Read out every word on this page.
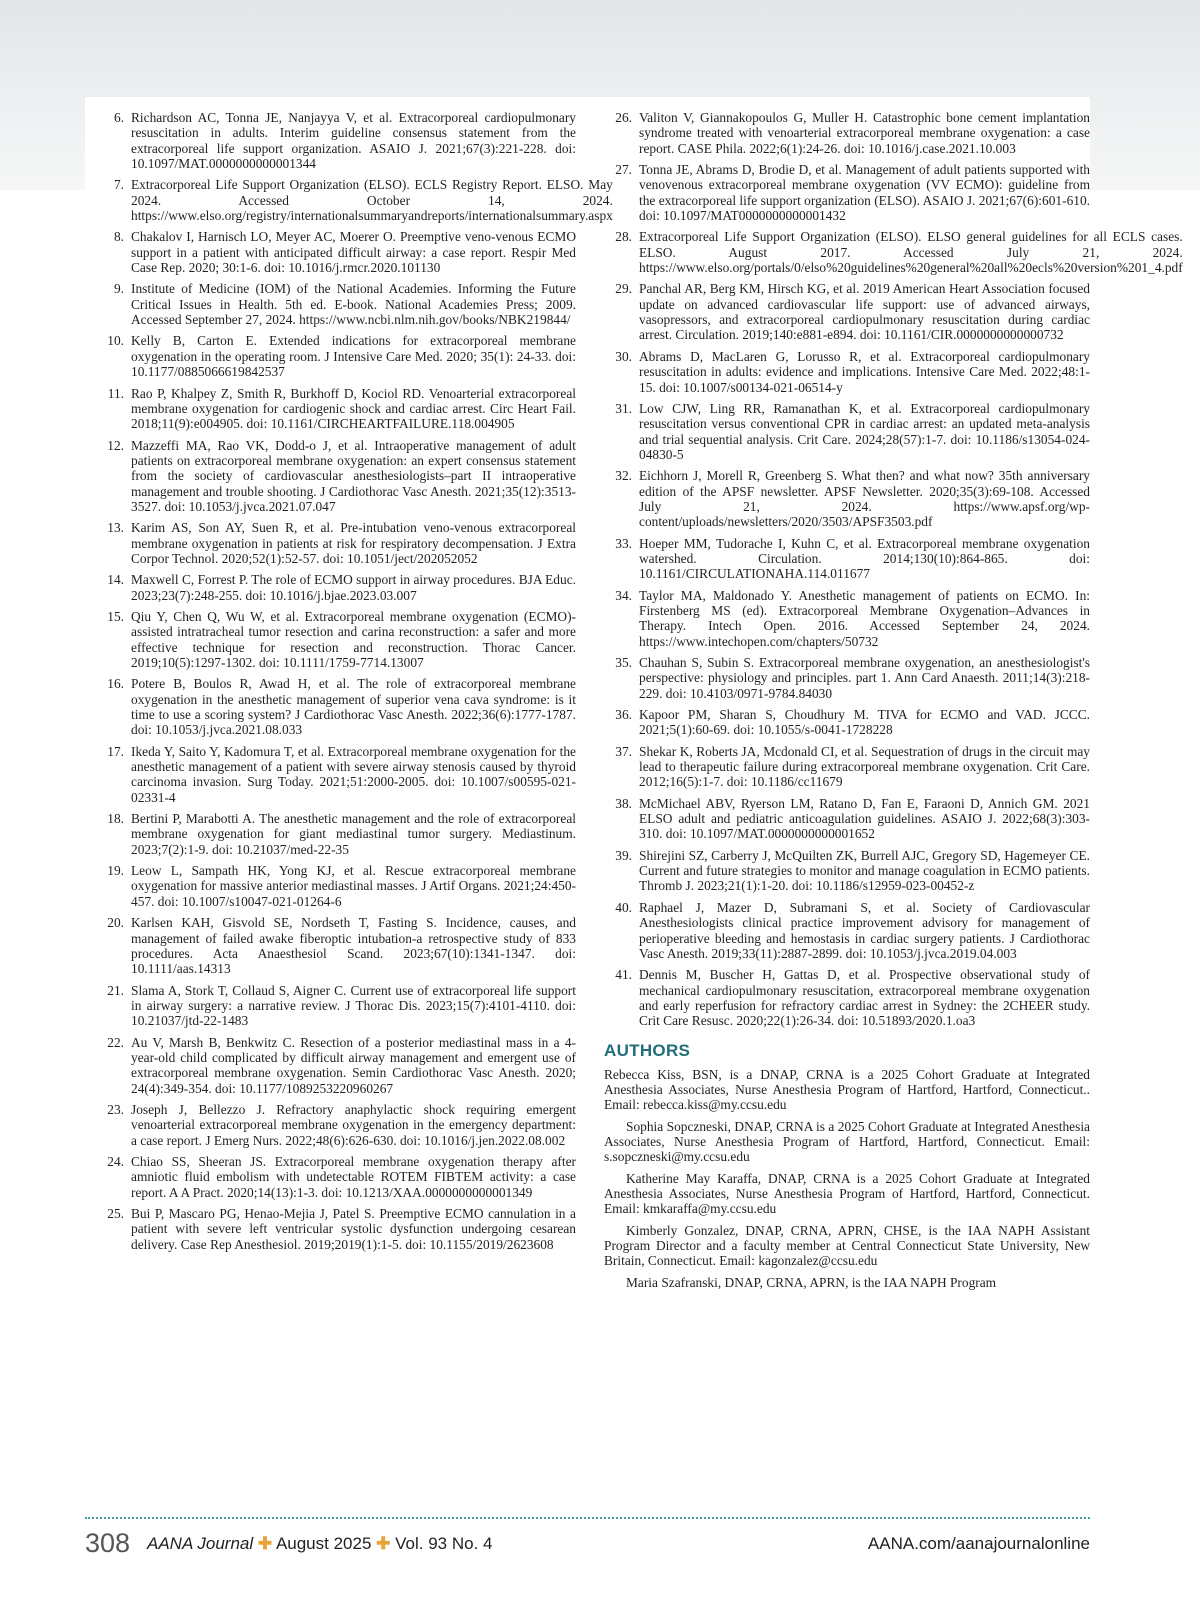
6. Richardson AC, Tonna JE, Nanjayya V, et al. Extracorporeal cardiopulmonary resuscitation in adults. Interim guideline consensus statement from the extracorporeal life support organization. ASAIO J. 2021;67(3):221-228. doi: 10.1097/MAT.0000000000001344
7. Extracorporeal Life Support Organization (ELSO). ECLS Registry Report. ELSO. May 2024. Accessed October 14, 2024. https://www.elso.org/registry/internationalsummaryandreports/internationalsummary.aspx
8. Chakalov I, Harnisch LO, Meyer AC, Moerer O. Preemptive veno-venous ECMO support in a patient with anticipated difficult airway: a case report. Respir Med Case Rep. 2020; 30:1-6. doi: 10.1016/j.rmcr.2020.101130
9. Institute of Medicine (IOM) of the National Academies. Informing the Future Critical Issues in Health. 5th ed. E-book. National Academies Press; 2009. Accessed September 27, 2024. https://www.ncbi.nlm.nih.gov/books/NBK219844/
10. Kelly B, Carton E. Extended indications for extracorporeal membrane oxygenation in the operating room. J Intensive Care Med. 2020; 35(1): 24-33. doi: 10.1177/0885066619842537
11. Rao P, Khalpey Z, Smith R, Burkhoff D, Kociol RD. Venoarterial extracorporeal membrane oxygenation for cardiogenic shock and cardiac arrest. Circ Heart Fail. 2018;11(9):e004905. doi: 10.1161/CIRCHEARTFAILURE.118.004905
12. Mazzeffi MA, Rao VK, Dodd-o J, et al. Intraoperative management of adult patients on extracorporeal membrane oxygenation: an expert consensus statement from the society of cardiovascular anesthesiologists–part II intraoperative management and trouble shooting. J Cardiothorac Vasc Anesth. 2021;35(12):3513-3527. doi: 10.1053/j.jvca.2021.07.047
13. Karim AS, Son AY, Suen R, et al. Pre-intubation veno-venous extracorporeal membrane oxygenation in patients at risk for respiratory decompensation. J Extra Corpor Technol. 2020;52(1):52-57. doi: 10.1051/ject/202052052
14. Maxwell C, Forrest P. The role of ECMO support in airway procedures. BJA Educ. 2023;23(7):248-255. doi: 10.1016/j.bjae.2023.03.007
15. Qiu Y, Chen Q, Wu W, et al. Extracorporeal membrane oxygenation (ECMO)-assisted intratracheal tumor resection and carina reconstruction: a safer and more effective technique for resection and reconstruction. Thorac Cancer. 2019;10(5):1297-1302. doi: 10.1111/1759-7714.13007
16. Potere B, Boulos R, Awad H, et al. The role of extracorporeal membrane oxygenation in the anesthetic management of superior vena cava syndrome: is it time to use a scoring system? J Cardiothorac Vasc Anesth. 2022;36(6):1777-1787. doi: 10.1053/j.jvca.2021.08.033
17. Ikeda Y, Saito Y, Kadomura T, et al. Extracorporeal membrane oxygenation for the anesthetic management of a patient with severe airway stenosis caused by thyroid carcinoma invasion. Surg Today. 2021;51:2000-2005. doi: 10.1007/s00595-021-02331-4
18. Bertini P, Marabotti A. The anesthetic management and the role of extracorporeal membrane oxygenation for giant mediastinal tumor surgery. Mediastinum. 2023;7(2):1-9. doi: 10.21037/med-22-35
19. Leow L, Sampath HK, Yong KJ, et al. Rescue extracorporeal membrane oxygenation for massive anterior mediastinal masses. J Artif Organs. 2021;24:450-457. doi: 10.1007/s10047-021-01264-6
20. Karlsen KAH, Gisvold SE, Nordseth T, Fasting S. Incidence, causes, and management of failed awake fiberoptic intubation-a retrospective study of 833 procedures. Acta Anaesthesiol Scand. 2023;67(10):1341-1347. doi: 10.1111/aas.14313
21. Slama A, Stork T, Collaud S, Aigner C. Current use of extracorporeal life support in airway surgery: a narrative review. J Thorac Dis. 2023;15(7):4101-4110. doi: 10.21037/jtd-22-1483
22. Au V, Marsh B, Benkwitz C. Resection of a posterior mediastinal mass in a 4-year-old child complicated by difficult airway management and emergent use of extracorporeal membrane oxygenation. Semin Cardiothorac Vasc Anesth. 2020; 24(4):349-354. doi: 10.1177/1089253220960267
23. Joseph J, Bellezzo J. Refractory anaphylactic shock requiring emergent venoarterial extracorporeal membrane oxygenation in the emergency department: a case report. J Emerg Nurs. 2022;48(6):626-630. doi: 10.1016/j.jen.2022.08.002
24. Chiao SS, Sheeran JS. Extracorporeal membrane oxygenation therapy after amniotic fluid embolism with undetectable ROTEM FIBTEM activity: a case report. A A Pract. 2020;14(13):1-3. doi: 10.1213/XAA.0000000000001349
25. Bui P, Mascaro PG, Henao-Mejia J, Patel S. Preemptive ECMO cannulation in a patient with severe left ventricular systolic dysfunction undergoing cesarean delivery. Case Rep Anesthesiol. 2019;2019(1):1-5. doi: 10.1155/2019/2623608
26. Valiton V, Giannakopoulos G, Muller H. Catastrophic bone cement implantation syndrome treated with venoarterial extracorporeal membrane oxygenation: a case report. CASE Phila. 2022;6(1):24-26. doi: 10.1016/j.case.2021.10.003
27. Tonna JE, Abrams D, Brodie D, et al. Management of adult patients supported with venovenous extracorporeal membrane oxygenation (VV ECMO): guideline from the extracorporeal life support organization (ELSO). ASAIO J. 2021;67(6):601-610. doi: 10.1097/MAT0000000000001432
28. Extracorporeal Life Support Organization (ELSO). ELSO general guidelines for all ECLS cases. ELSO. August 2017. Accessed July 21, 2024. https://www.elso.org/portals/0/elso%20guidelines%20general%20all%20ecls%20version%201_4.pdf
29. Panchal AR, Berg KM, Hirsch KG, et al. 2019 American Heart Association focused update on advanced cardiovascular life support: use of advanced airways, vasopressors, and extracorporeal cardiopulmonary resuscitation during cardiac arrest. Circulation. 2019;140:e881-e894. doi: 10.1161/CIR.0000000000000732
30. Abrams D, MacLaren G, Lorusso R, et al. Extracorporeal cardiopulmonary resuscitation in adults: evidence and implications. Intensive Care Med. 2022;48:1-15. doi: 10.1007/s00134-021-06514-y
31. Low CJW, Ling RR, Ramanathan K, et al. Extracorporeal cardiopulmonary resuscitation versus conventional CPR in cardiac arrest: an updated meta-analysis and trial sequential analysis. Crit Care. 2024;28(57):1-7. doi: 10.1186/s13054-024-04830-5
32. Eichhorn J, Morell R, Greenberg S. What then? and what now? 35th anniversary edition of the APSF newsletter. APSF Newsletter. 2020;35(3):69-108. Accessed July 21, 2024. https://www.apsf.org/wp-content/uploads/newsletters/2020/3503/APSF3503.pdf
33. Hoeper MM, Tudorache I, Kuhn C, et al. Extracorporeal membrane oxygenation watershed. Circulation. 2014;130(10):864-865. doi: 10.1161/CIRCULATIONAHA.114.011677
34. Taylor MA, Maldonado Y. Anesthetic management of patients on ECMO. In: Firstenberg MS (ed). Extracorporeal Membrane Oxygenation–Advances in Therapy. Intech Open. 2016. Accessed September 24, 2024. https://www.intechopen.com/chapters/50732
35. Chauhan S, Subin S. Extracorporeal membrane oxygenation, an anesthesiologist's perspective: physiology and principles. part 1. Ann Card Anaesth. 2011;14(3):218-229. doi: 10.4103/0971-9784.84030
36. Kapoor PM, Sharan S, Choudhury M. TIVA for ECMO and VAD. JCCC. 2021;5(1):60-69. doi: 10.1055/s-0041-1728228
37. Shekar K, Roberts JA, Mcdonald CI, et al. Sequestration of drugs in the circuit may lead to therapeutic failure during extracorporeal membrane oxygenation. Crit Care. 2012;16(5):1-7. doi: 10.1186/cc11679
38. McMichael ABV, Ryerson LM, Ratano D, Fan E, Faraoni D, Annich GM. 2021 ELSO adult and pediatric anticoagulation guidelines. ASAIO J. 2022;68(3):303-310. doi: 10.1097/MAT.0000000000001652
39. Shirejini SZ, Carberry J, McQuilten ZK, Burrell AJC, Gregory SD, Hagemeyer CE. Current and future strategies to monitor and manage coagulation in ECMO patients. Thromb J. 2023;21(1):1-20. doi: 10.1186/s12959-023-00452-z
40. Raphael J, Mazer D, Subramani S, et al. Society of Cardiovascular Anesthesiologists clinical practice improvement advisory for management of perioperative bleeding and hemostasis in cardiac surgery patients. J Cardiothorac Vasc Anesth. 2019;33(11):2887-2899. doi: 10.1053/j.jvca.2019.04.003
41. Dennis M, Buscher H, Gattas D, et al. Prospective observational study of mechanical cardiopulmonary resuscitation, extracorporeal membrane oxygenation and early reperfusion for refractory cardiac arrest in Sydney: the 2CHEER study. Crit Care Resusc. 2020;22(1):26-34. doi: 10.51893/2020.1.oa3
AUTHORS
Rebecca Kiss, BSN, is a DNAP, CRNA is a 2025 Cohort Graduate at Integrated Anesthesia Associates, Nurse Anesthesia Program of Hartford, Hartford, Connecticut.. Email: rebecca.kiss@my.ccsu.edu
Sophia Sopczneski, DNAP, CRNA is a 2025 Cohort Graduate at Integrated Anesthesia Associates, Nurse Anesthesia Program of Hartford, Hartford, Connecticut. Email: s.sopczneski@my.ccsu.edu
Katherine May Karaffa, DNAP, CRNA is a 2025 Cohort Graduate at Integrated Anesthesia Associates, Nurse Anesthesia Program of Hartford, Hartford, Connecticut. Email: kmkaraffa@my.ccsu.edu
Kimberly Gonzalez, DNAP, CRNA, APRN, CHSE, is the IAA NAPH Assistant Program Director and a faculty member at Central Connecticut State University, New Britain, Connecticut. Email: kagonzalez@ccsu.edu
Maria Szafranski, DNAP, CRNA, APRN, is the IAA NAPH Program
308 AANA Journal ✚ August 2025 ✚ Vol. 93 No. 4	AANA.com/aanajournalonline
